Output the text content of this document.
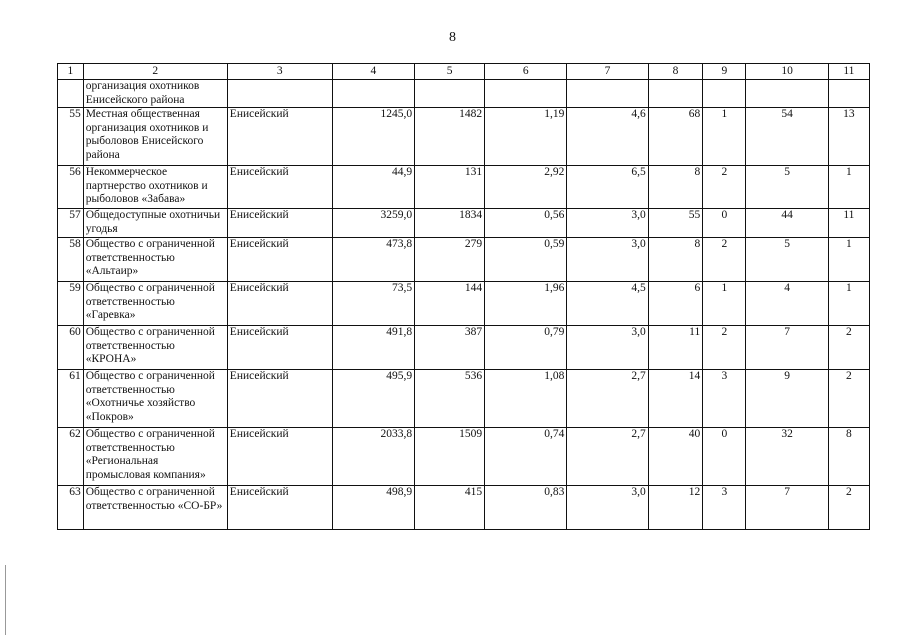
8
1	2	3	4	5	6	7	8	9	10	11
	организация охотников Енисейского района									
55	Местная общественная организация охотников и рыболовов Енисейского района	Енисейский	1245,0	1482	1,19	4,6	68	1	54	13
56	Некоммерческое партнерство охотников и рыболовов «Забава»	Енисейский	44,9	131	2,92	6,5	8	2	5	1
57	Общедоступные охотничьи угодья	Енисейский	3259,0	1834	0,56	3,0	55	0	44	11
58	Общество с ограниченной ответственностью «Альтаир»	Енисейский	473,8	279	0,59	3,0	8	2	5	1
59	Общество с ограниченной ответственностью «Гаревка»	Енисейский	73,5	144	1,96	4,5	6	1	4	1
60	Общество с ограниченной ответственностью «КРОНА»	Енисейский	491,8	387	0,79	3,0	11	2	7	2
61	Общество с ограниченной ответственностью «Охотничье хозяйство «Покров»	Енисейский	495,9	536	1,08	2,7	14	3	9	2
62	Общество с ограниченной ответственностью «Региональная промысловая компания»	Енисейский	2033,8	1509	0,74	2,7	40	0	32	8
63	Общество с ограниченной ответственностью «СО-БР»	Енисейский	498,9	415	0,83	3,0	12	3	7	2
